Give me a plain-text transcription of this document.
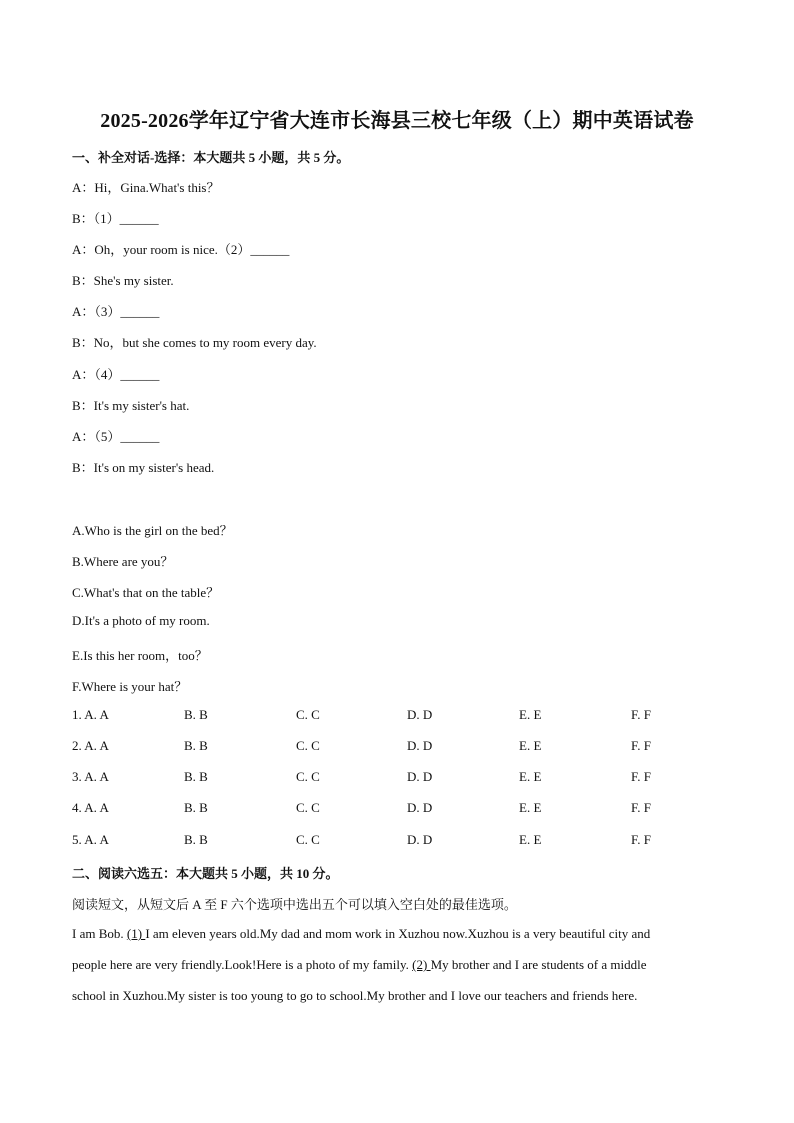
2025-2026学年辽宁省大连市长海县三校七年级（上）期中英语试卷
一、补全对话-选择：本大题共 5 小题，共 5 分。
A：Hi，Gina.What's this？
B：（1）______
A：Oh，your room is nice.（2）______
B：She's my sister.
A：（3）______
B：No，but she comes to my room every day.
A：（4）______
B：It's my sister's hat.
A：（5）______
B：It's on my sister's head.
A.Who is the girl on the bed？
B.Where are you？
C.What's that on the table？
D.It's a photo of my room.
E.Is this her room，too？
F.Where is your hat？
1. A. A	B. B	C. C	D. D	E. E	F. F
2. A. A	B. B	C. C	D. D	E. E	F. F
3. A. A	B. B	C. C	D. D	E. E	F. F
4. A. A	B. B	C. C	D. D	E. E	F. F
5. A. A	B. B	C. C	D. D	E. E	F. F
二、阅读六选五：本大题共 5 小题，共 10 分。
阅读短文，从短文后 A 至 F 六个选项中选出五个可以填入空白处的最佳选项。
I am Bob. (1) I am eleven years old.My dad and mom work in Xuzhou now.Xuzhou is a very beautiful city and
people here are very friendly.Look!Here is a photo of my family. (2) My brother and I are students of a middle
school in Xuzhou.My sister is too young to go to school.My brother and I love our teachers and friends here.
